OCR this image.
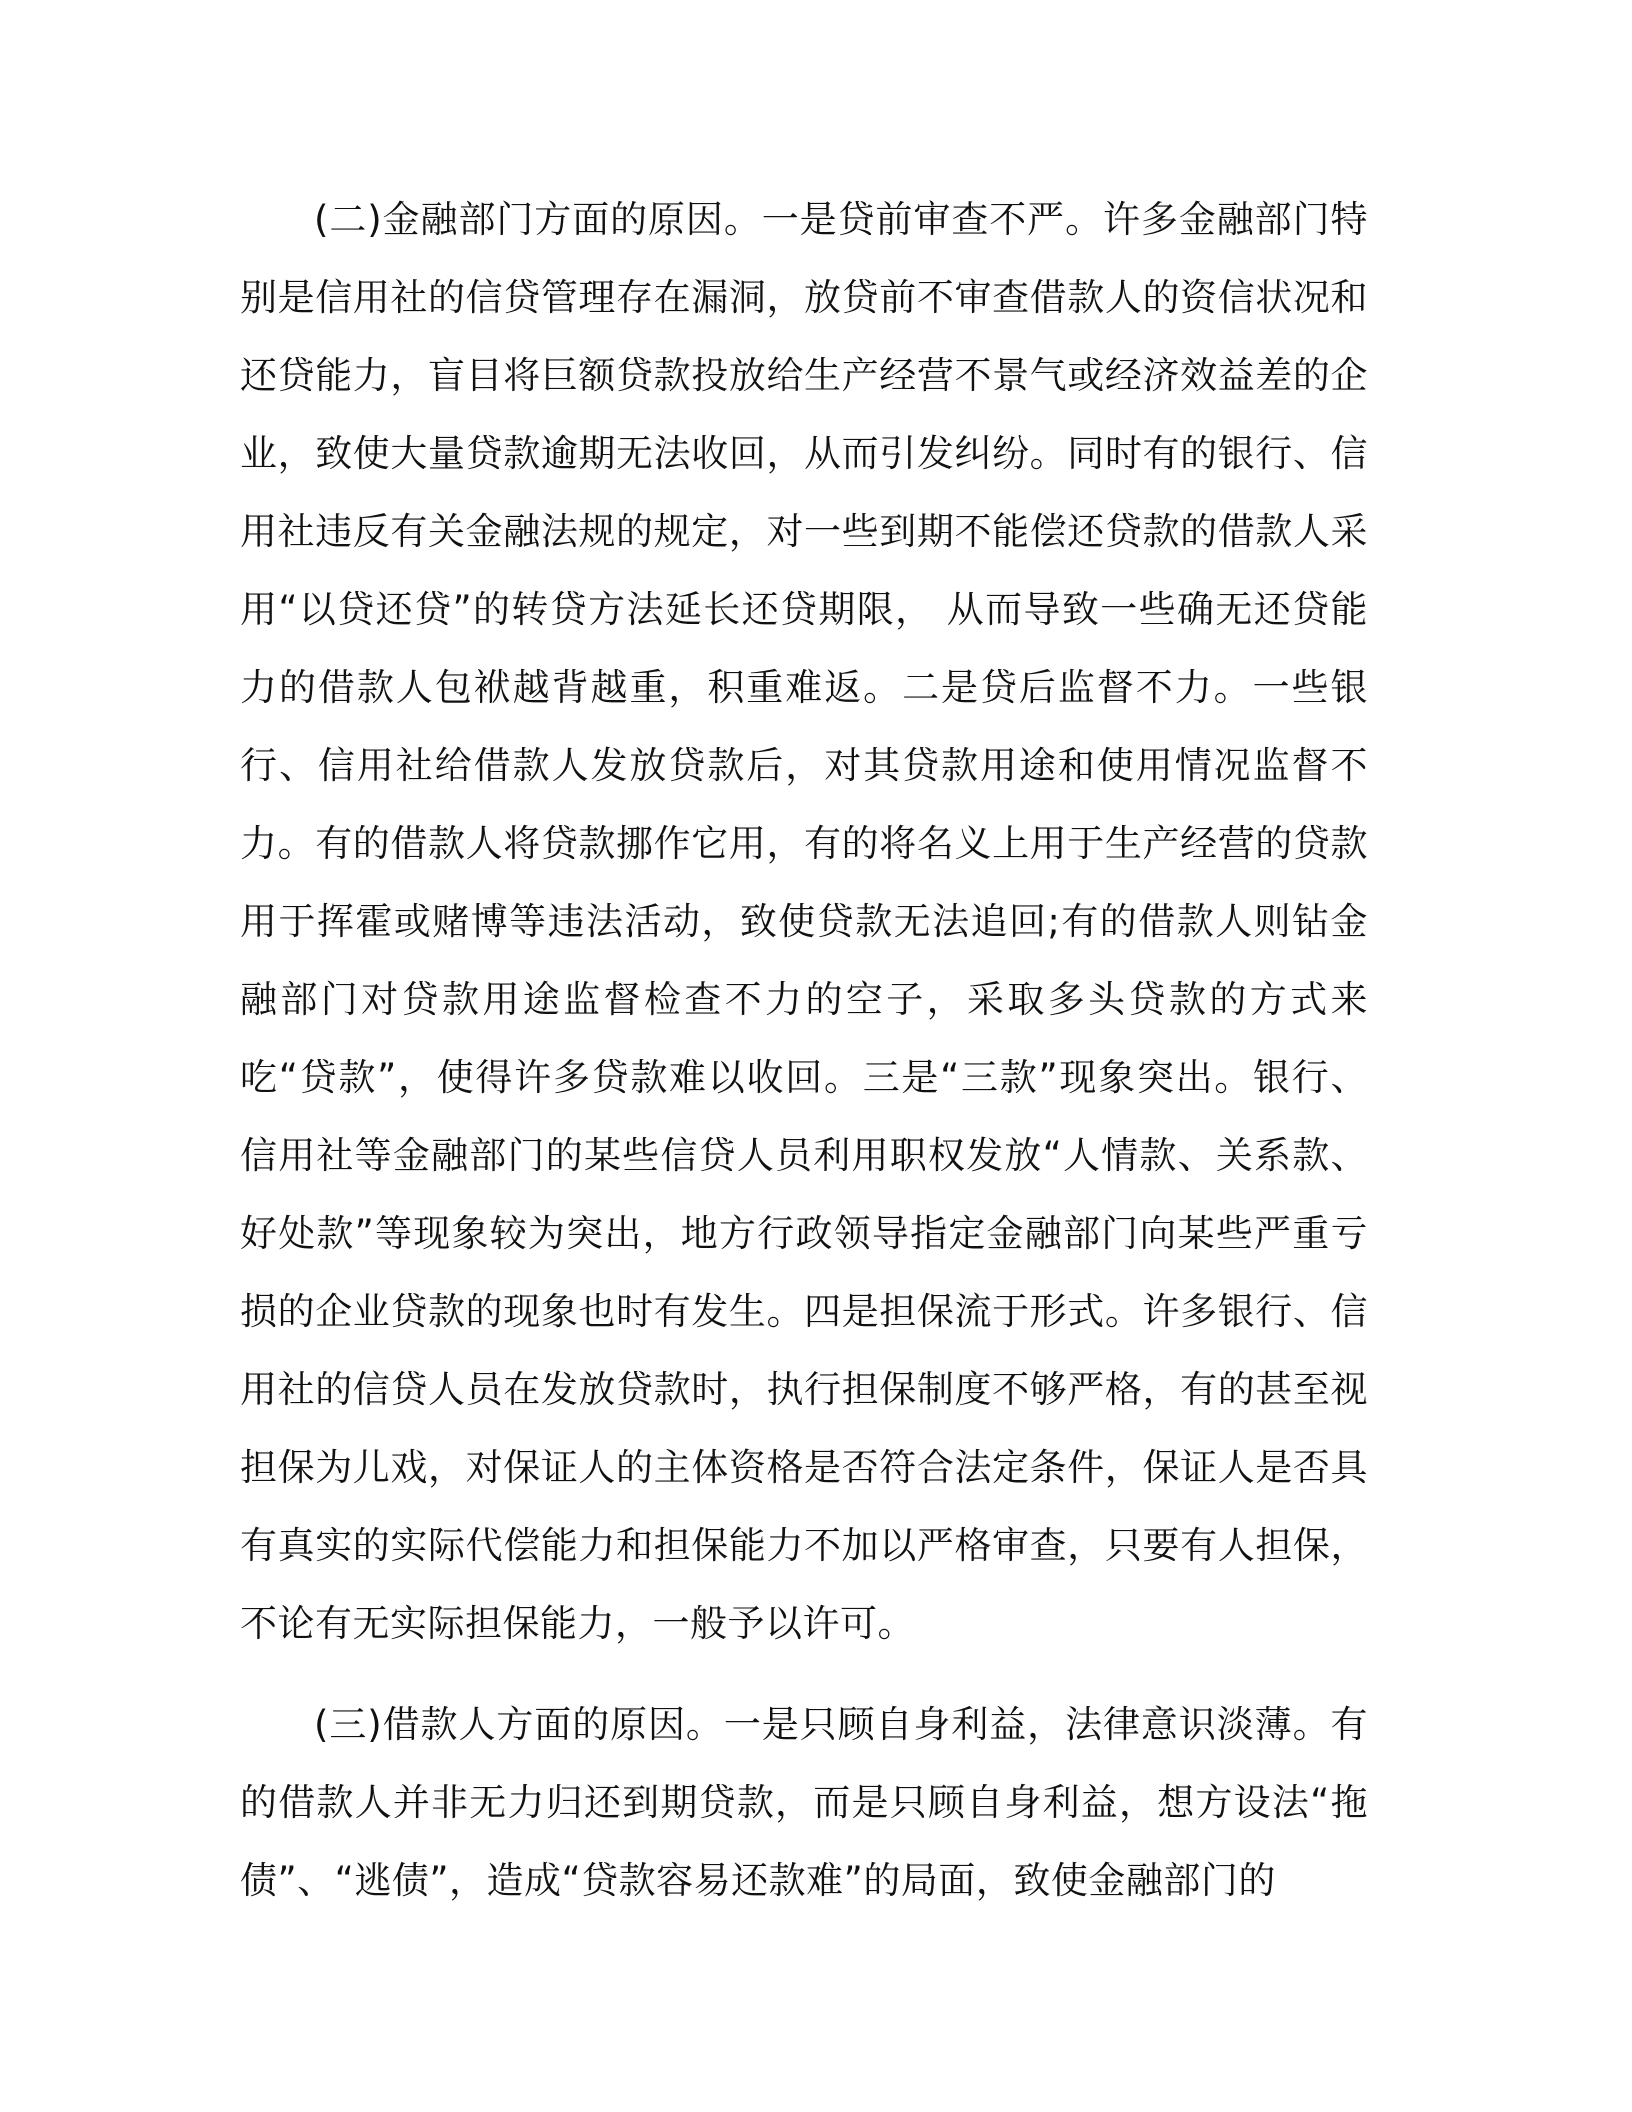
(二)金融部门方面的原因。一是贷前审查不严。许多金融部门特别是信用社的信贷管理存在漏洞，放贷前不审查借款人的资信状况和还贷能力，盲目将巨额贷款投放给生产经营不景气或经济效益差的企业，致使大量贷款逾期无法收回，从而引发纠纷。同时有的银行、信用社违反有关金融法规的规定，对一些到期不能偿还贷款的借款人采用“以贷还贷”的转贷方法延长还贷期限， 从而导致一些确无还贷能力的借款人包袱越背越重，积重难返。二是贷后监督不力。一些银行、信用社给借款人发放贷款后，对其贷款用途和使用情况监督不力。有的借款人将贷款挪作它用，有的将名义上用于生产经营的贷款用于挥霍或赌博等违法活动，致使贷款无法追回;有的借款人则钻金融部门对贷款用途监督检查不力的空子，采取多头贷款的方式来吃“贷款”，使得许多贷款难以收回。三是“三款”现象突出。银行、信用社等金融部门的某些信贷人员利用职权发放“人情款、关系款、好处款”等现象较为突出，地方行政领导指定金融部门向某些严重亏损的企业贷款的现象也时有发生。四是担保流于形式。许多银行、信用社的信贷人员在发放贷款时，执行担保制度不够严格，有的甚至视担保为儿戏，对保证人的主体资格是否符合法定条件，保证人是否具有真实的实际代偿能力和担保能力不加以严格审查，只要有人担保，不论有无实际担保能力，一般予以许可。

(三)借款人方面的原因。一是只顾自身利益，法律意识淡薄。有的借款人并非无力归还到期贷款，而是只顾自身利益，想方设法“拖债”、“逃债”，造成“贷款容易还款难”的局面，致使金融部门的
